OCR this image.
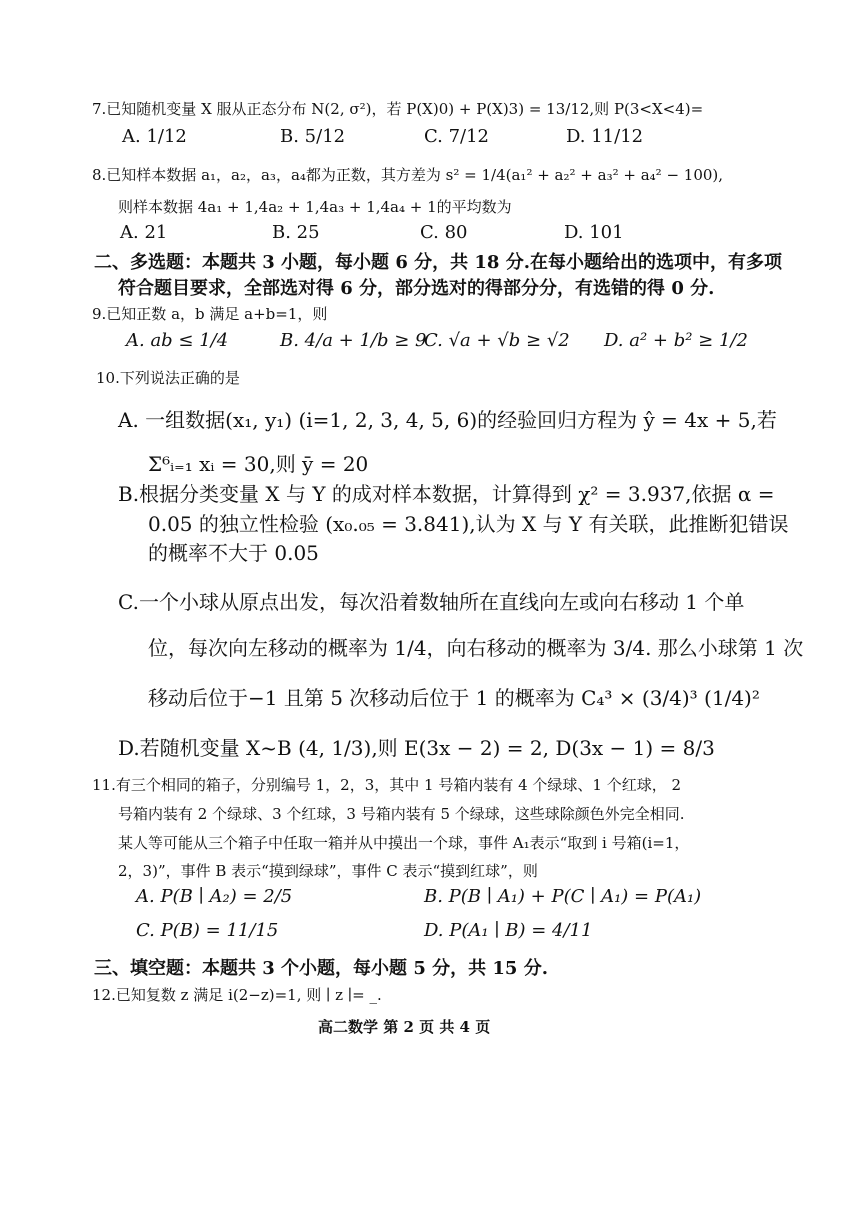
7.已知随机变量 X 服从正态分布 N(2, σ²)，若 P(X)0) + P(X)3) = 13/12,则 P(3<X<4)=
A. 1/12	B. 5/12	C. 7/12	D. 11/12
8.已知样本数据 a₁，a₂，a₃，a₄都为正数，其方差为 s² = 1/4(a₁² + a₂² + a₃² + a₄² − 100),
则样本数据 4a₁ + 1,4a₂ + 1,4a₃ + 1,4a₄ + 1的平均数为
A. 21	B. 25	C. 80	D. 101
二、多选题：本题共 3 小题，每小题 6 分，共 18 分.在每小题给出的选项中，有多项
符合题目要求，全部选对得 6 分，部分选对的得部分分，有选错的得 0 分.
9.已知正数 a，b 满足 a+b=1，则
A. ab ≤ 1/4	B. 4/a + 1/b ≥ 9
C. √a + √b ≥ √2 D. a² + b² ≥ 1/2
10.下列说法正确的是
A. 一组数据(x₁, y₁) (i=1, 2, 3, 4, 5, 6)的经验回归方程为 ŷ = 4x + 5,若
Σ⁶ᵢ₌₁ xᵢ = 30,则 ȳ = 20
B.根据分类变量 X 与 Y 的成对样本数据，计算得到 χ² = 3.937,依据 α =
0.05 的独立性检验 (x₀.₀₅ = 3.841),认为 X 与 Y 有关联，此推断犯错误
的概率不大于 0.05
C.一个小球从原点出发，每次沿着数轴所在直线向左或向右移动 1 个单
位，每次向左移动的概率为 1/4，向右移动的概率为 3/4. 那么小球第 1 次
移动后位于−1 且第 5 次移动后位于 1 的概率为 C₄³ × (3/4)³ (1/4)²
D.若随机变量 X~B (4, 1/3),则 E(3x − 2) = 2, D(3x − 1) = 8/3
11.有三个相同的箱子，分别编号 1，2，3，其中 1 号箱内装有 4 个绿球、1 个红球， 2
号箱内装有 2 个绿球、3 个红球，3 号箱内装有 5 个绿球，这些球除颜色外完全相同.
某人等可能从三个箱子中任取一箱并从中摸出一个球，事件 A₁表示“取到 i 号箱(i=1，
2，3)”，事件 B 表示“摸到绿球”，事件 C 表示“摸到红球”，则
A. P(B ∣ A₂) = 2/5	B. P(B ∣ A₁) + P(C ∣ A₁) = P(A₁)
C. P(B) = 11/15	D. P(A₁ ∣ B) = 4/11
三、填空题：本题共 3 个小题，每小题 5 分，共 15 分.
12.已知复数 z 满足 i(2−z)=1, 则 ∣ z ∣= _.
高二数学 第 2 页 共 4 页
